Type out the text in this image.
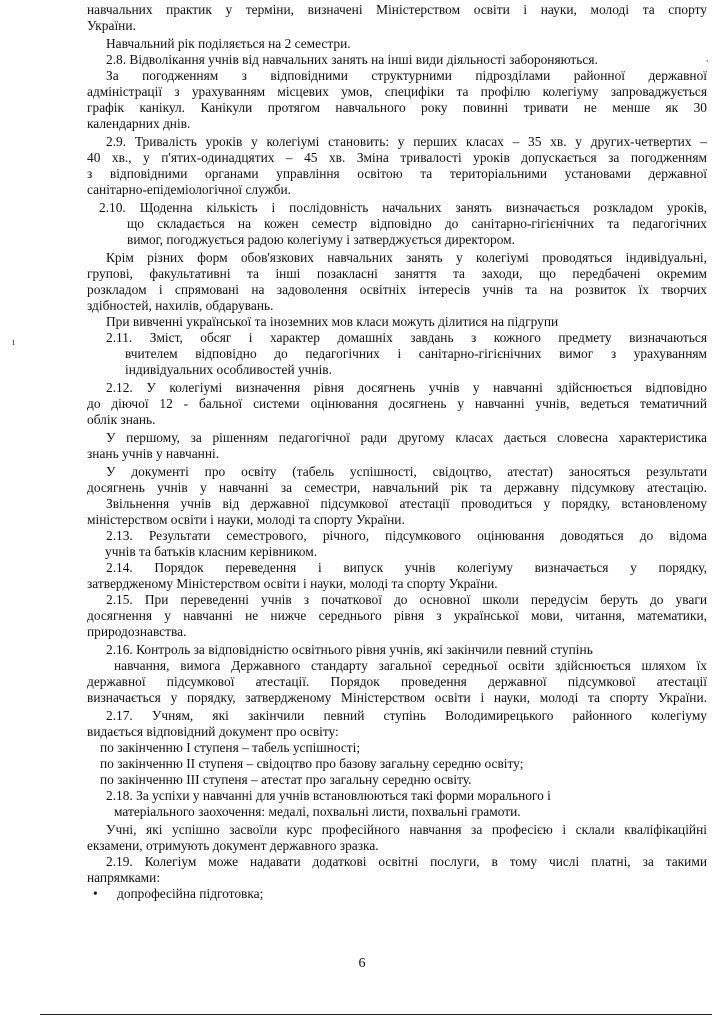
навчальних практик у терміни, визначені Міністерством освіти і науки, молоді та спорту
України.
Навчальний рік поділяється на 2 семестри.
2.8. Відволікання учнів від навчальних занять на інші види діяльності забороняються.
За погодженням з відповідними структурними підрозділами районної державної
адміністрації з урахуванням місцевих умов, специфіки та профілю колегіуму запроваджується
графік канікул. Канікули протягом навчального року повинні тривати не менше як 30
календарних днів.
2.9. Тривалість уроків у колегіумі становить: у перших класах – 35 хв. у других-четвертих –
40 хв., у п'ятих-одинадцятих – 45 хв. Зміна тривалості уроків допускається за погодженням
з відповідними органами управління освітою та територіальними установами державної
санітарно-епідеміологічної служби.
2.10. Щоденна кількість і послідовність начальних занять визначається розкладом уроків,
що складається на кожен семестр відповідно до санітарно-гігієнічних та педагогічних
вимог, погоджується радою колегіуму і затверджується директором.
Крім різних форм обов'язкових навчальних занять у колегіумі проводяться індивідуальні,
групові, факультативні та інші позакласні заняття та заходи, що передбачені окремим
розкладом і спрямовані на задоволення освітніх інтересів учнів та на розвиток їх творчих
здібностей, нахилів, обдарувань.
При вивченні української та іноземних мов класи можуть ділитися на підгрупи
2.11. Зміст, обсяг і характер домашніх завдань з кожного предмету визначаються
вчителем відповідно до педагогічних і санітарно-гігієнічних вимог з урахуванням
індивідуальних особливостей учнів.
2.12. У колегіумі визначення рівня досягнень учнів у навчанні здійснюється відповідно
до діючої 12 - бальної системи оцінювання досягнень у навчанні учнів, ведеться тематичний
облік знань.
У першому, за рішенням педагогічної ради другому класах дається словесна характеристика
знань учнів у навчанні.
У документі про освіту (табель успішності, свідоцтво, атестат) заносяться результати
досягнень учнів у навчанні за семестри, навчальний рік та державну підсумкову атестацію.
Звільнення учнів від державної підсумкової атестації проводиться у порядку, встановленому
міністерством освіти і науки, молоді та спорту України.
2.13. Результати семестрового, річного, підсумкового оцінювання доводяться до відома
учнів та батьків класним керівником.
2.14. Порядок переведення і випуск учнів колегіуму визначається у порядку,
затвердженому Міністерством освіти і науки, молоді та спорту України.
2.15. При переведенні учнів з початкової до основної школи передусім беруть до уваги
досягнення у навчанні не нижче середнього рівня з української мови, читання, математики,
природознавства.
2.16. Контроль за відповідністю освітнього рівня учнів, які закінчили певний ступінь
навчання, вимога Державного стандарту загальної середньої освіти здійснюється шляхом їх
державної підсумкової атестації. Порядок проведення державної підсумкової атестації
визначається у порядку, затвердженому Міністерством освіти і науки, молоді та спорту України.
2.17. Учням, які закінчили певний ступінь Володимирецького районного колегіуму
видається відповідний документ про освіту:
по закінченню І ступеня – табель успішності;
по закінченню ІІ ступеня – свідоцтво про базову загальну середню освіту;
по закінченню ІІІ ступеня – атестат про загальну середню освіту.
2.18. За успіхи у навчанні для учнів встановлюються такі форми морального і
матеріального заохочення: медалі, похвальні листи, похвальні грамоти.
Учні, які успішно засвоїли курс професійного навчання за професією і склали кваліфікаційні
екзамени, отримують документ державного зразка.
2.19. Колегіум може надавати додаткові освітні послуги, в тому числі платні, за такими
напрямками:
• допрофесійна підготовка;
6
‵
ı
